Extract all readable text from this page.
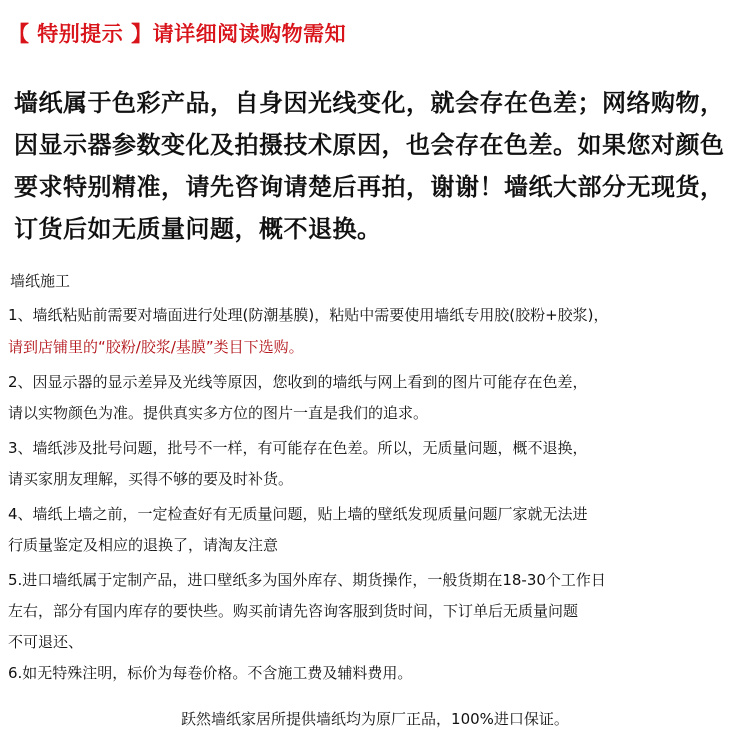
【 特别提示 】请详细阅读购物需知

墙纸属于色彩产品，自身因光线变化，就会存在色差；网络购物，

因显示器参数变化及拍摄技术原因，也会存在色差。如果您对颜色

要求特别精准，请先咨询请楚后再拍，谢谢！墙纸大部分无现货，

订货后如无质量问题，概不退换。

墙纸施工

1、墙纸粘贴前需要对墙面进行处理(防潮基膜)，粘贴中需要使用墙纸专用胶(胶粉+胶浆)，

请到店铺里的“胶粉/胶浆/基膜”类目下选购。

2、因显示器的显示差异及光线等原因，您收到的墙纸与网上看到的图片可能存在色差，

请以实物颜色为准。提供真实多方位的图片一直是我们的追求。

3、墙纸涉及批号问题，批号不一样，有可能存在色差。所以，无质量问题，概不退换，

请买家朋友理解，买得不够的要及时补货。

4、墙纸上墙之前，一定检查好有无质量问题，贴上墙的壁纸发现质量问题厂家就无法进

行质量鉴定及相应的退换了，请淘友注意

5.进口墙纸属于定制产品，进口壁纸多为国外库存、期货操作，一般货期在18-30个工作日

左右，部分有国内库存的要快些。购买前请先咨询客服到货时间，下订单后无质量问题

不可退还、

6.如无特殊注明，标价为每卷价格。不含施工费及辅料费用。

跃然墙纸家居所提供墙纸均为原厂正品，100%进口保证。
